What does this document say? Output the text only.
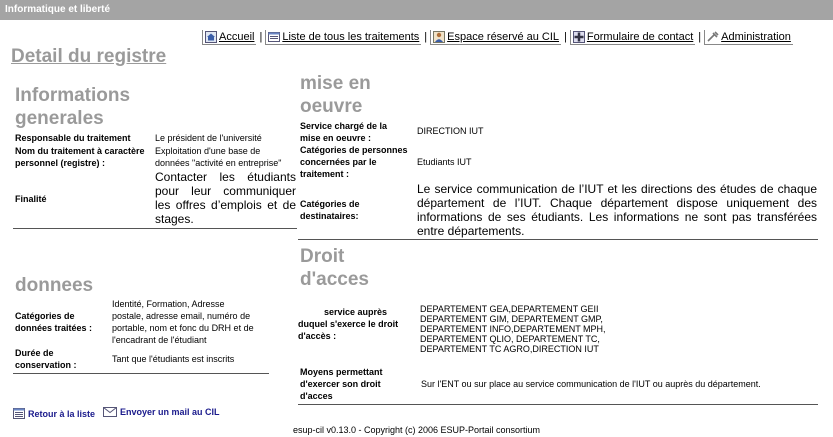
Informatique et liberté
Accueil | Liste de tous les traitements | Espace réservé au CIL | Formulaire de contact | Administration
Detail du registre
Informations
generales
Responsable du traitement	Le président de l'université
Nom du traitement à caractère
personnel (registre) :
Exploitation d'une base de
données "activité en entreprise"
Finalité
Contacter les étudiants
pour leur communiquer
les offres d’emplois et de
stages.
donnees
Catégories de
données traitées :
Identité, Formation, Adresse
postale, adresse email, numéro de
portable, nom et fonc du DRH et de
l'encadrant de l'étudiant
Durée de
conservation :
Tant que l'étudiants est inscrits
mise en
oeuvre
Service chargé de la
mise en oeuvre :
DIRECTION IUT
Catégories de personnes
concernées par le
traitement :
Etudiants IUT
Catégories de
destinataires:
Le service communication de l’IUT et les directions des études de chaque
département de l’IUT. Chaque département dispose uniquement des
informations de ses étudiants. Les informations ne sont pas transférées
entre départements.
Droit
d'acces
service auprès
duquel s'exerce le droit
d'accès :
DEPARTEMENT GEA,DEPARTEMENT GEII
DEPARTEMENT GIM, DEPARTEMENT GMP,
DEPARTEMENT INFO,DEPARTEMENT MPH,
DEPARTEMENT QLIO, DEPARTEMENT TC,
DEPARTEMENT TC AGRO,DIRECTION IUT
Moyens permettant
d'exercer son droit
d'acces
Sur l'ENT ou sur place au service communication de l'IUT ou auprès du département.
Retour à la liste	Envoyer un mail au CIL
esup-cil v0.13.0 - Copyright (c) 2006 ESUP-Portail consortium
